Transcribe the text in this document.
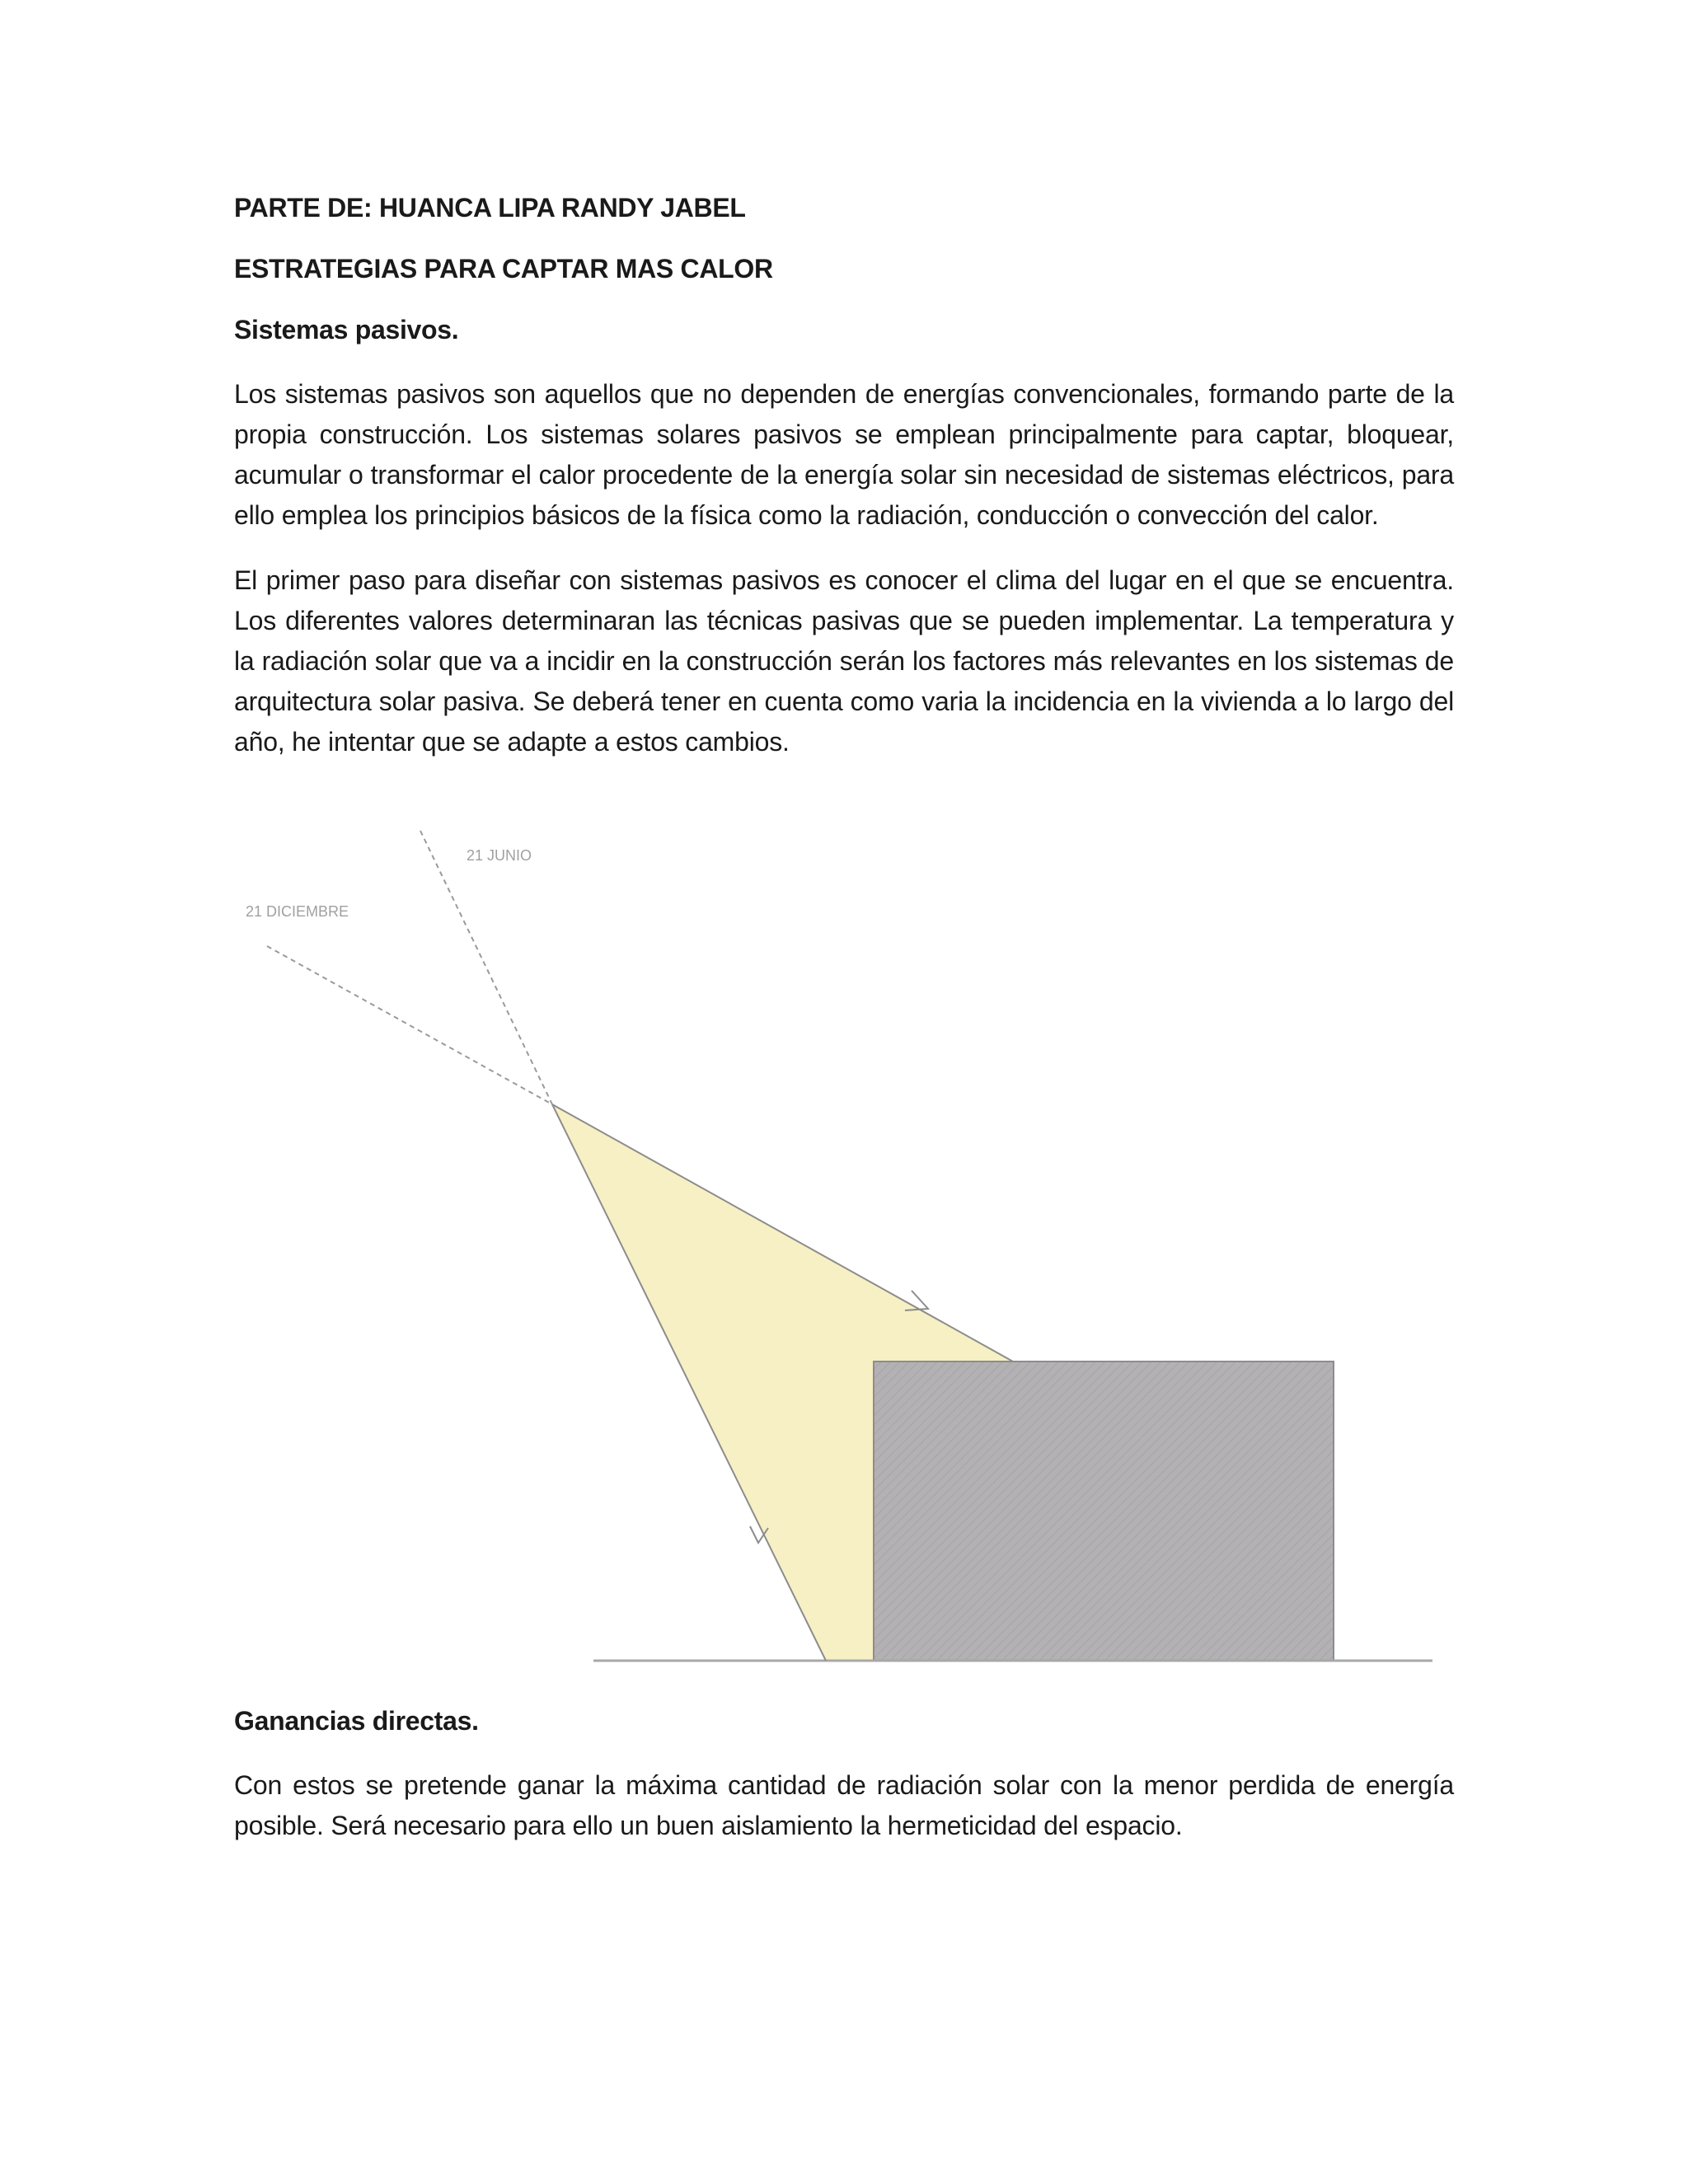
PARTE DE: HUANCA LIPA RANDY JABEL

ESTRATEGIAS PARA CAPTAR MAS CALOR

Sistemas pasivos.

Los sistemas pasivos son aquellos que no dependen de energías convencionales, formando parte de la propia construcción. Los sistemas solares pasivos se emplean principalmente para captar, bloquear, acumular o transformar el calor procedente de la energía solar sin necesidad de sistemas eléctricos, para ello emplea los principios básicos de la física como la radiación, conducción o convección del calor.

El primer paso para diseñar con sistemas pasivos es conocer el clima del lugar en el que se encuentra. Los diferentes valores determinaran las técnicas pasivas que se pueden implementar. La temperatura y la radiación solar que va a incidir en la construcción serán los factores más relevantes en los sistemas de arquitectura solar pasiva. Se deberá tener en cuenta como varia la incidencia en la vivienda a lo largo del año, he intentar que se adapte a estos cambios.

21 JUNIO
21 DICIEMBRE

Ganancias directas.

Con estos se pretende ganar la máxima cantidad de radiación solar con la menor perdida de energía posible. Será necesario para ello un buen aislamiento la hermeticidad del espacio.
